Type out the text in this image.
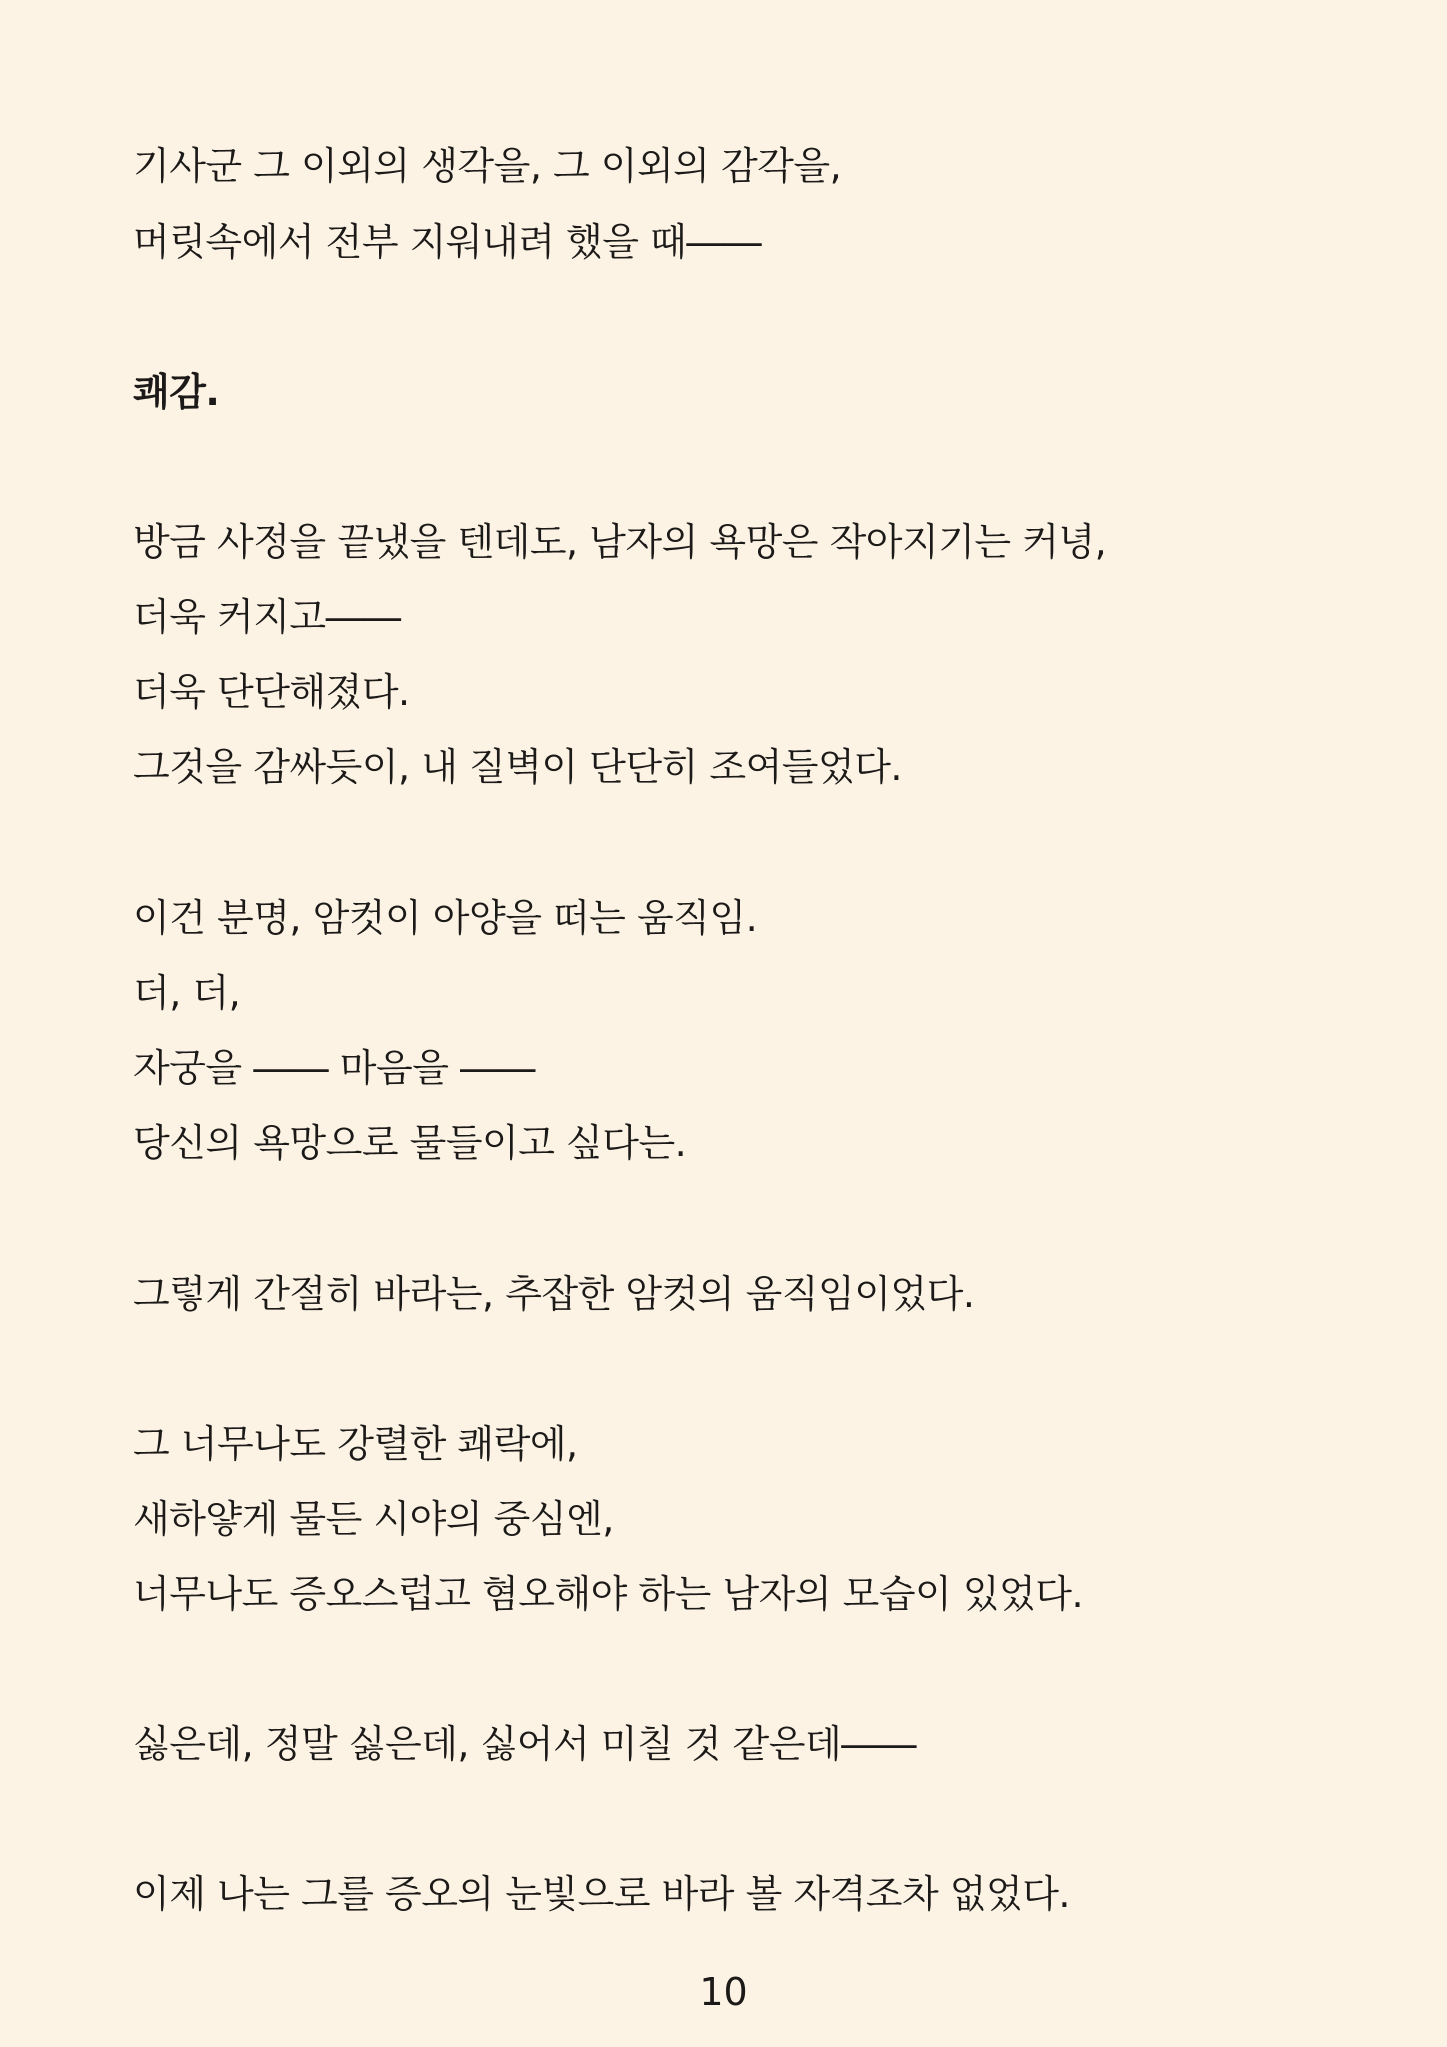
기사군 그 이외의 생각을, 그 이외의 감각을,
머릿속에서 전부 지워내려 했을 때――
쾌감.
방금 사정을 끝냈을 텐데도, 남자의 욕망은 작아지기는 커녕,
더욱 커지고――
더욱 단단해졌다.
그것을 감싸듯이, 내 질벽이 단단히 조여들었다.
이건 분명, 암컷이 아양을 떠는 움직임.
더, 더,
자궁을 ―― 마음을 ――
당신의 욕망으로 물들이고 싶다는.
그렇게 간절히 바라는, 추잡한 암컷의 움직임이었다.
그 너무나도 강렬한 쾌락에,
새하얗게 물든 시야의 중심엔,
너무나도 증오스럽고 혐오해야 하는 남자의 모습이 있었다.
싫은데, 정말 싫은데, 싫어서 미칠 것 같은데――
이제 나는 그를 증오의 눈빛으로 바라 볼 자격조차 없었다.
10
